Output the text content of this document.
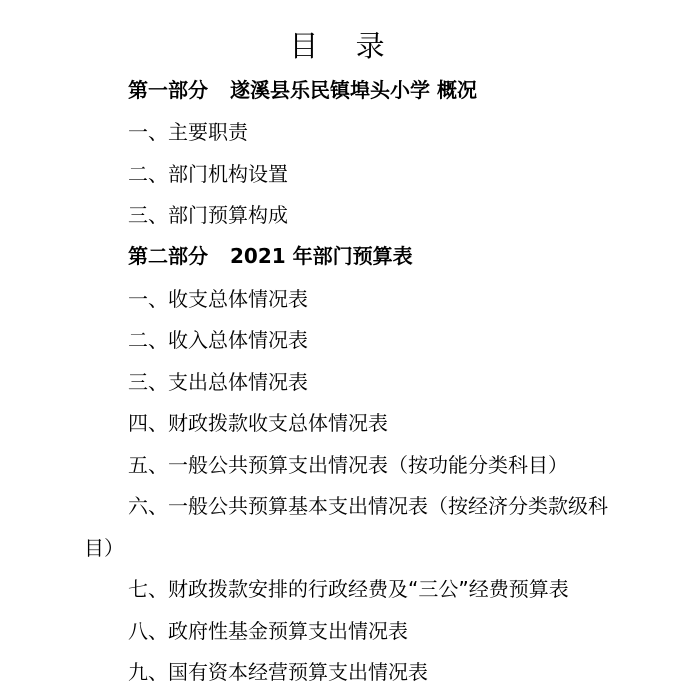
目 录
第一部分 遂溪县乐民镇埠头小学 概况
一、主要职责
二、部门机构设置
三、部门预算构成
第二部分 2021 年部门预算表
一、收支总体情况表
二、收入总体情况表
三、支出总体情况表
四、财政拨款收支总体情况表
五、一般公共预算支出情况表（按功能分类科目）
六、一般公共预算基本支出情况表（按经济分类款级科
目）
七、财政拨款安排的行政经费及“三公”经费预算表
八、政府性基金预算支出情况表
九、国有资本经营预算支出情况表
